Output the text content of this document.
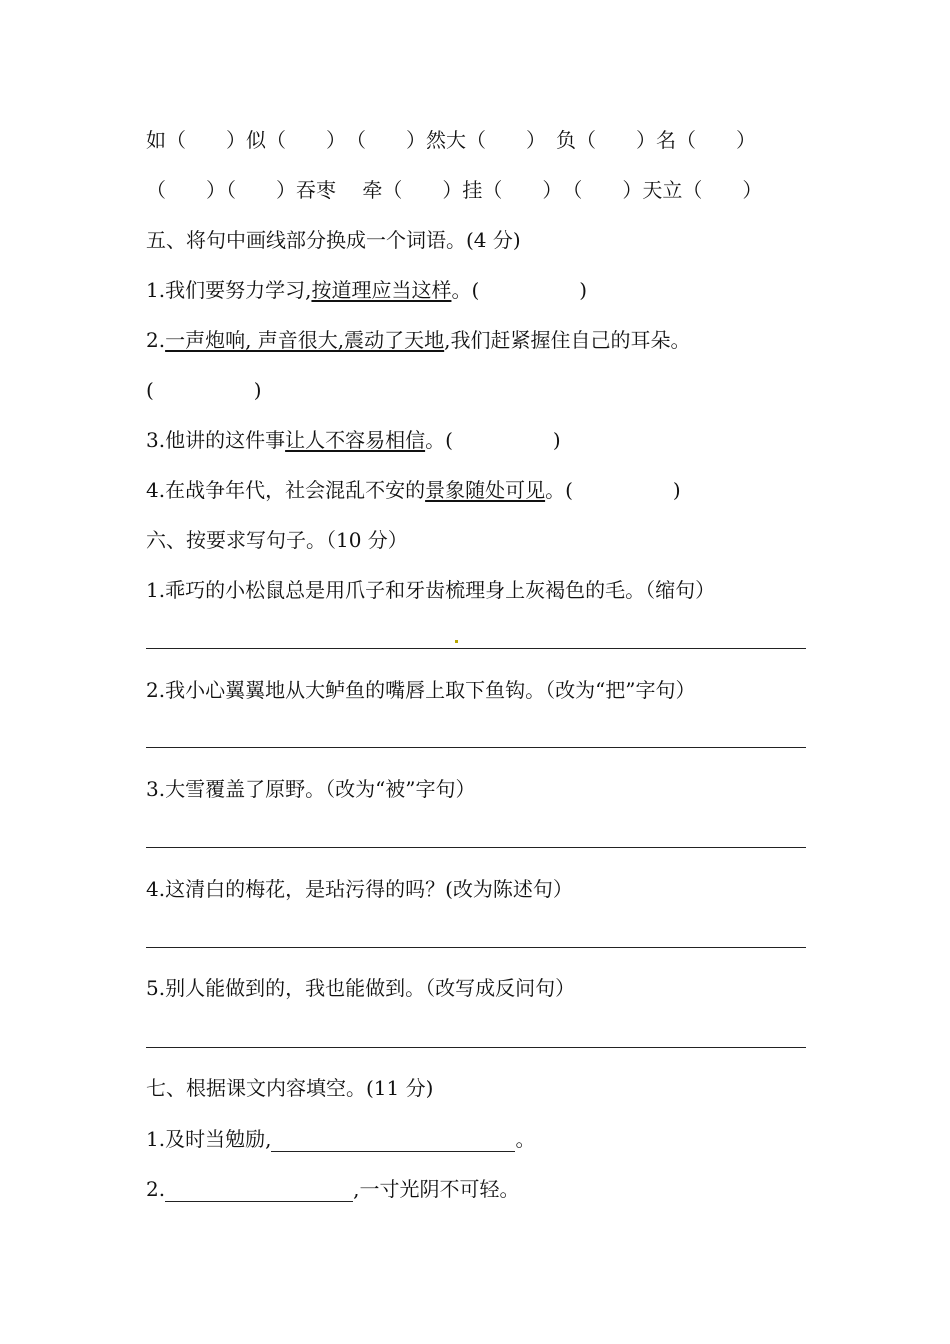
如（　　）似（　　）　（　　）然大（　　）　负（　　）名（　　）
（　　）（　　）吞枣　 牵（　　）挂（　　）　（　　）天立（　　）
五、将句中画线部分换成一个词语。(4 分)
1.我们要努力学习,按道理应当这样。(　　　　　)
2.一声炮响, 声音很大,震动了天地,我们赶紧握住自己的耳朵。
(　　　　　)
3.他讲的这件事让人不容易相信。(　　　　　)
4.在战争年代，社会混乱不安的景象随处可见。(　　　　　)
六、按要求写句子。（10 分）
1.乖巧的小松鼠总是用爪子和牙齿梳理身上灰褐色的毛。（缩句）
2.我小心翼翼地从大鲈鱼的嘴唇上取下鱼钩。（改为“把”字句）
3.大雪覆盖了原野。（改为“被”字句）
4.这清白的梅花，是玷污得的吗？(改为陈述句）
5.别人能做到的，我也能做到。（改写成反问句）
七、根据课文内容填空。(11 分)
1.及时当勉励,	。
2.	,一寸光阴不可轻。
